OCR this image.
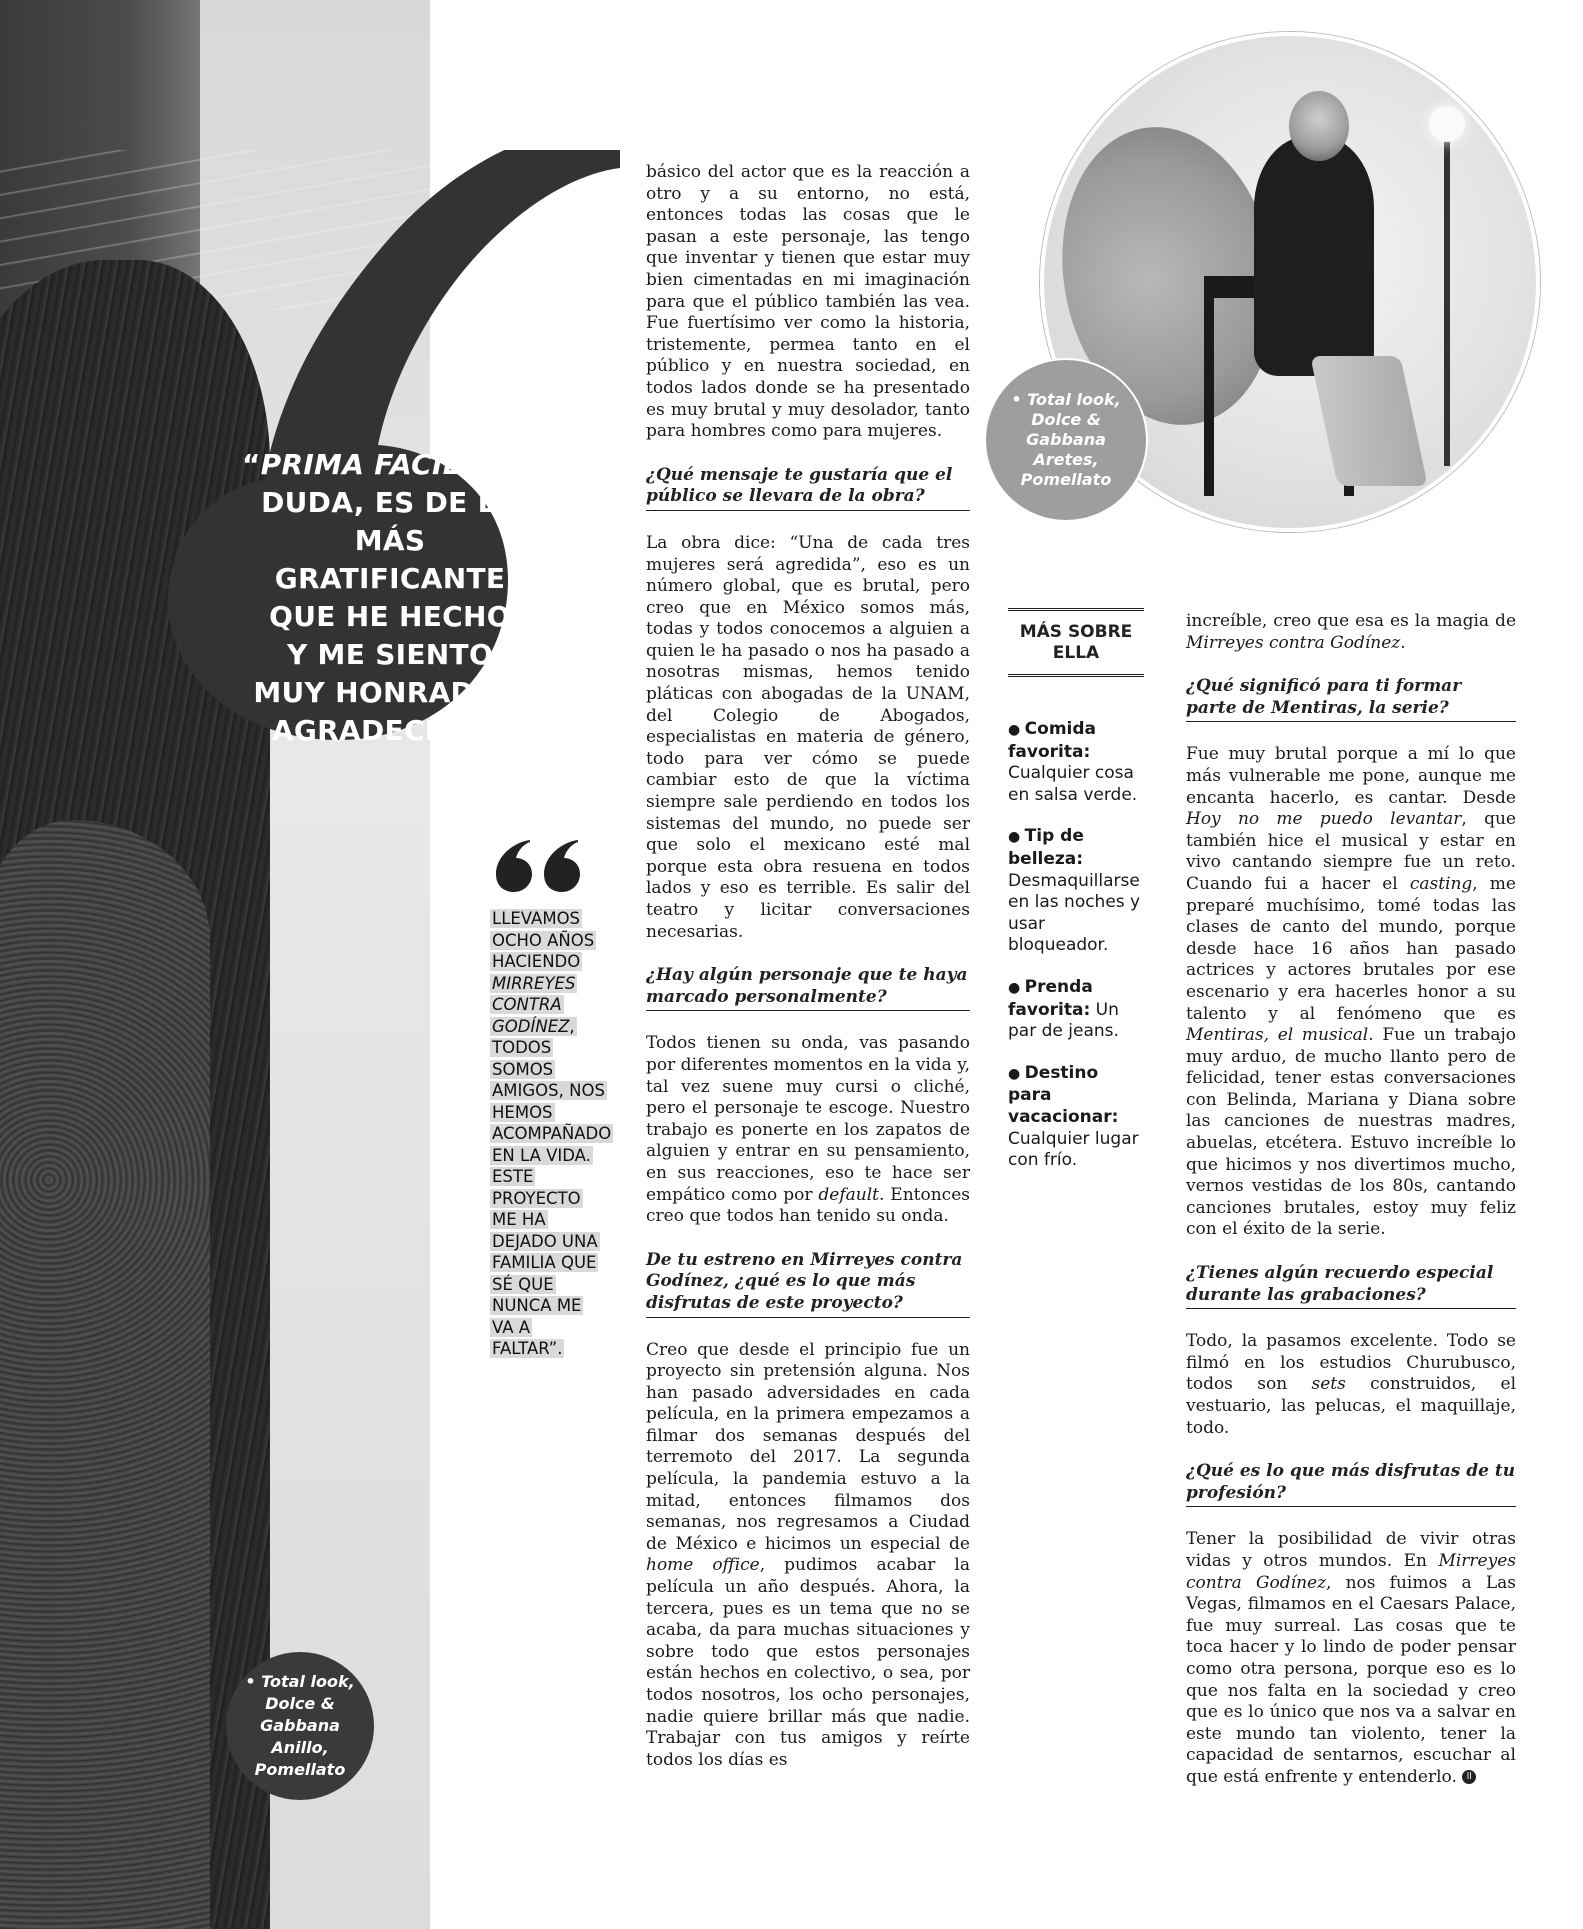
“PRIMA FACIE, SIN
DUDA, ES DE LO
MÁS GRATIFICANTE
QUE HE HECHO
Y ME SIENTO
MUY HONRADA Y
AGRADECIDA”.
• Total look,
Dolce &
Gabbana
Anillo,
Pomellato
LLEVAMOS OCHO AÑOS HACIENDO MIRREYES CONTRA GODÍNEZ, TODOS SOMOS AMIGOS, NOS HEMOS ACOMPAÑADO EN LA VIDA. ESTE PROYECTO ME HA DEJADO UNA FAMILIA QUE SÉ QUE NUNCA ME VA A FALTAR”.

básico del actor que es la reacción a otro y a su entorno, no está, entonces todas las cosas que le pasan a este personaje, las tengo que inventar y tienen que estar muy bien cimentadas en mi imaginación para que el público también las vea. Fue fuertísimo ver como la historia, tristemente, permea tanto en el público y en nuestra sociedad, en todos lados donde se ha presentado es muy brutal y muy desolador, tanto para hombres como para mujeres.

¿Qué mensaje te gustaría que el público se llevara de la obra?

La obra dice: “Una de cada tres mujeres será agredida”, eso es un número global, que es brutal, pero creo que en México somos más, todas y todos conocemos a alguien a quien le ha pasado o nos ha pasado a nosotras mismas, hemos tenido pláticas con abogadas de la UNAM, del Colegio de Abogados, especialistas en materia de género, todo para ver cómo se puede cambiar esto de que la víctima siempre sale perdiendo en todos los sistemas del mundo, no puede ser que solo el mexicano esté mal porque esta obra resuena en todos lados y eso es terrible. Es salir del teatro y licitar conversaciones necesarias.

¿Hay algún personaje que te haya marcado personalmente?

Todos tienen su onda, vas pasando por diferentes momentos en la vida y, tal vez suene muy cursi o cliché, pero el personaje te escoge. Nuestro trabajo es ponerte en los zapatos de alguien y entrar en su pensamiento, en sus reacciones, eso te hace ser empático como por default. Entonces creo que todos han tenido su onda.

De tu estreno en Mirreyes contra Godínez, ¿qué es lo que más disfrutas de este proyecto?

Creo que desde el principio fue un proyecto sin pretensión alguna. Nos han pasado adversidades en cada película, en la primera empezamos a filmar dos semanas después del terremoto del 2017. La segunda película, la pandemia estuvo a la mitad, entonces filmamos dos semanas, nos regresamos a Ciudad de México e hicimos un especial de home office, pudimos acabar la película un año después. Ahora, la tercera, pues es un tema que no se acaba, da para muchas situaciones y sobre todo que estos personajes están hechos en colectivo, o sea, por todos nosotros, los ocho personajes, nadie quiere brillar más que nadie. Trabajar con tus amigos y reírte todos los días es

MÁS SOBRE ELLA
● Comida favorita: Cualquier cosa en salsa verde.
● Tip de belleza: Desmaquillarse en las noches y usar bloqueador.
● Prenda favorita: Un par de jeans.
● Destino para vacacionar: Cualquier lugar con frío.
• Total look,
Dolce &
Gabbana
Aretes,
Pomellato

increíble, creo que esa es la magia de Mirreyes contra Godínez.

¿Qué significó para ti formar parte de Mentiras, la serie?

Fue muy brutal porque a mí lo que más vulnerable me pone, aunque me encanta hacerlo, es cantar. Desde Hoy no me puedo levantar, que también hice el musical y estar en vivo cantando siempre fue un reto. Cuando fui a hacer el casting, me preparé muchísimo, tomé todas las clases de canto del mundo, porque desde hace 16 años han pasado actrices y actores brutales por ese escenario y era hacerles honor a su talento y al fenómeno que es Mentiras, el musical. Fue un trabajo muy arduo, de mucho llanto pero de felicidad, tener estas conversaciones con Belinda, Mariana y Diana sobre las canciones de nuestras madres, abuelas, etcétera. Estuvo increíble lo que hicimos y nos divertimos mucho, vernos vestidas de los 80s, cantando canciones brutales, estoy muy feliz con el éxito de la serie.

¿Tienes algún recuerdo especial durante las grabaciones?

Todo, la pasamos excelente. Todo se filmó en los estudios Churubusco, todos son sets construidos, el vestuario, las pelucas, el maquillaje, todo.

¿Qué es lo que más disfrutas de tu profesión?

Tener la posibilidad de vivir otras vidas y otros mundos. En Mirreyes contra Godínez, nos fuimos a Las Vegas, filmamos en el Caesars Palace, fue muy surreal. Las cosas que te toca hacer y lo lindo de poder pensar como otra persona, porque eso es lo que nos falta en la sociedad y creo que es lo único que nos va a salvar en este mundo tan violento, tener la capacidad de sentarnos, escuchar al que está enfrente y entenderlo. ll
